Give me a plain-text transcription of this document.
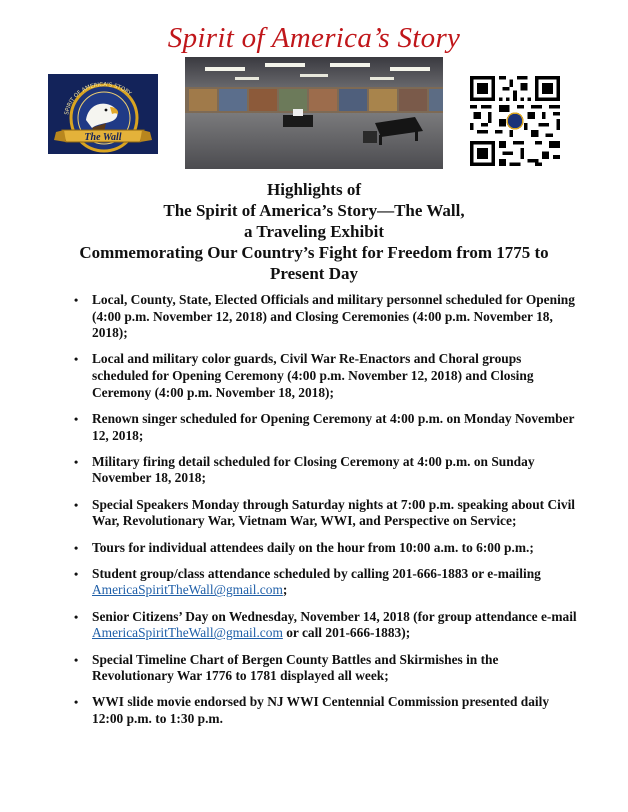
Spirit of America’s Story
SPIRIT OF AMERICA'S STORY
The Wall
Highlights of
The Spirit of America’s Story—The Wall,
a Traveling Exhibit
Commemorating Our Country’s Fight for Freedom from 1775 to
Present Day
• Local, County, State, Elected Officials and military personnel scheduled for Opening (4:00 p.m. November 12, 2018) and Closing Ceremonies (4:00 p.m. November 18, 2018);
• Local and military color guards, Civil War Re-Enactors and Choral groups scheduled for Opening Ceremony (4:00 p.m. November 12, 2018) and Closing Ceremony (4:00 p.m. November 18, 2018);
• Renown singer scheduled for Opening Ceremony at 4:00 p.m. on Monday November 12, 2018;
• Military firing detail scheduled for Closing Ceremony at 4:00 p.m. on Sunday November 18, 2018;
• Special Speakers Monday through Saturday nights at 7:00 p.m. speaking about Civil War, Revolutionary War, Vietnam War, WWI, and Perspective on Service;
• Tours for individual attendees daily on the hour from 10:00 a.m. to 6:00 p.m.;
• Student group/class attendance scheduled by calling 201-666-1883 or e-mailing AmericaSpiritTheWall@gmail.com;
• Senior Citizens’ Day on Wednesday, November 14, 2018 (for group attendance e-mail AmericaSpiritTheWall@gmail.com or call 201-666-1883);
• Special Timeline Chart of Bergen County Battles and Skirmishes in the Revolutionary War 1776 to 1781 displayed all week;
• WWI slide movie endorsed by NJ WWI Centennial Commission presented daily 12:00 p.m. to 1:30 p.m.
